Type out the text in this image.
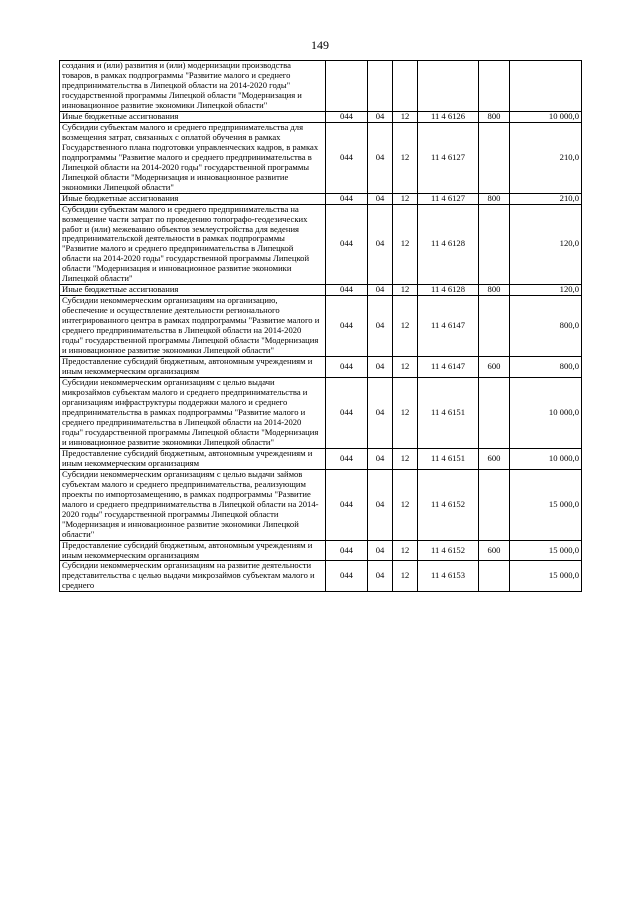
149
создания и (или) развития и (или) модернизации производства товаров, в рамках подпрограммы "Развитие малого и среднего предпринимательства в Липецкой области на 2014-2020 годы" государственной программы Липецкой области "Модернизация и инновационное развитие экономики Липецкой области"						
Иные бюджетные ассигнования	044	04	12	11 4 6126	800	10 000,0
Субсидии субъектам малого и среднего предпринимательства для возмещения затрат, связанных с оплатой обучения в рамках Государственного плана подготовки управленческих кадров, в рамках подпрограммы "Развитие малого и среднего предпринимательства в Липецкой области на 2014-2020 годы" государственной программы Липецкой области "Модернизация и инновационное развитие экономики Липецкой области"	044	04	12	11 4 6127		210,0
Иные бюджетные ассигнования	044	04	12	11 4 6127	800	210,0
Субсидии субъектам малого и среднего предпринимательства на возмещение части затрат по проведению топографо-геодезических работ и (или) межеванию объектов землеустройства для ведения предпринимательской деятельности в рамках подпрограммы "Развитие малого и среднего предпринимательства в Липецкой области на 2014-2020 годы" государственной программы Липецкой области "Модернизация и инновационное развитие экономики Липецкой области"	044	04	12	11 4 6128		120,0
Иные бюджетные ассигнования	044	04	12	11 4 6128	800	120,0
Субсидии некоммерческим организациям на организацию, обеспечение и осуществление деятельности регионального интегрированного центра в рамках подпрограммы "Развитие малого и среднего предпринимательства в Липецкой области на 2014-2020 годы" государственной программы Липецкой области "Модернизация и инновационное развитие экономики Липецкой области"	044	04	12	11 4 6147		800,0
Предоставление субсидий бюджетным, автономным учреждениям и иным некоммерческим организациям	044	04	12	11 4 6147	600	800,0
Субсидии некоммерческим организациям с целью выдачи микрозаймов субъектам малого и среднего предпринимательства и организациям инфраструктуры поддержки малого и среднего предпринимательства в рамках подпрограммы "Развитие малого и среднего предпринимательства в Липецкой области на 2014-2020 годы" государственной программы Липецкой области "Модернизация и инновационное развитие экономики Липецкой области"	044	04	12	11 4 6151		10 000,0
Предоставление субсидий бюджетным, автономным учреждениям и иным некоммерческим организациям	044	04	12	11 4 6151	600	10 000,0
Субсидии некоммерческим организациям с целью выдачи займов субъектам малого и среднего предпринимательства, реализующим проекты по импортозамещению, в рамках подпрограммы "Развитие малого и среднего предпринимательства в Липецкой области на 2014-2020 годы" государственной программы Липецкой области "Модернизация и инновационное развитие экономики Липецкой области"	044	04	12	11 4 6152		15 000,0
Предоставление субсидий бюджетным, автономным учреждениям и иным некоммерческим организациям	044	04	12	11 4 6152	600	15 000,0
Субсидии некоммерческим организациям на развитие деятельности представительства с целью выдачи микрозаймов субъектам малого и среднего	044	04	12	11 4 6153		15 000,0
